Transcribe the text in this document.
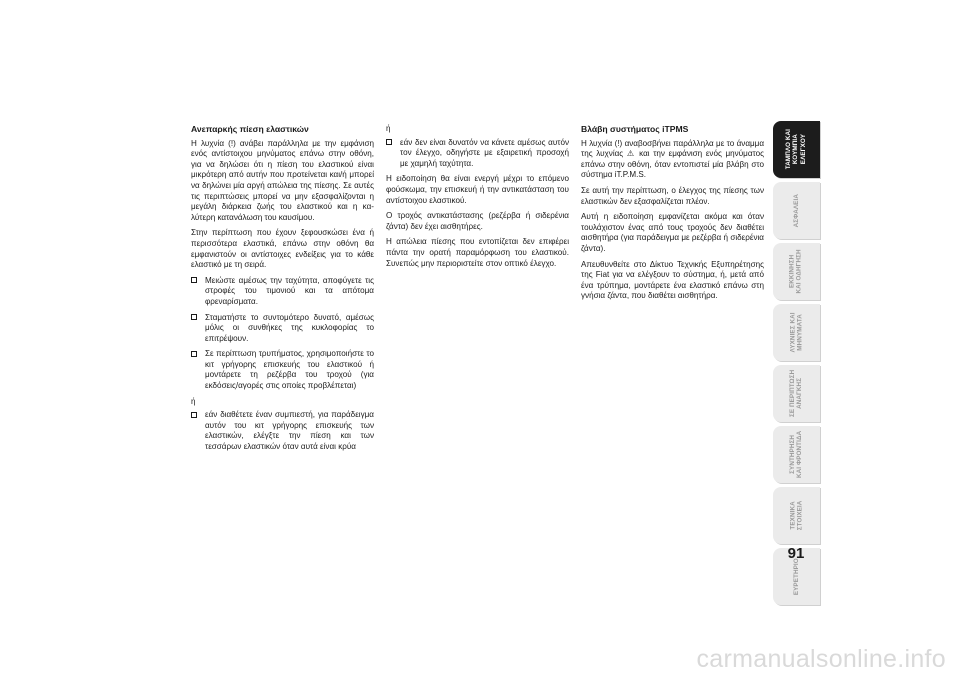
Ανεπαρκής πίεση ελαστικών

Η λυχνία (!) ανάβει παράλληλα με την εμφάνιση ενός αντίστοιχου μηνύματος επάνω στην οθόνη, για να δηλώσει ότι η πίεση του ελαστικού είναι μικρότερη από αυτήν που προτείνεται και/ή μπορεί να δηλώνει μία αργή απώλεια της πίεσης. Σε αυτές τις περιπτώσεις μπορεί να μην εξασφαλίζονται η μεγάλη διάρκεια ζωής του ελαστικού και η καλύτερη κατανάλωση του καυσίμου.

Στην περίπτωση που έχουν ξεφουσκώσει ένα ή περισσότερα ελαστικά, επάνω στην οθόνη θα εμφανιστούν οι αντίστοιχες ενδείξεις για το κάθε ελαστικό με τη σειρά.

Μειώστε αμέσως την ταχύτητα, αποφύγετε τις στροφές του τιμονιού και τα απότομα φρεναρίσματα.
Σταματήστε το συντομότερο δυνατό, αμέσως μόλις οι συνθήκες της κυκλοφορίας το επιτρέψουν.
Σε περίπτωση τρυπήματος, χρησιμοποιήστε το κιτ γρήγορης επισκευής του ελαστικού ή μοντάρετε τη ρεζέρβα του τροχού (για εκδόσεις/αγορές στις οποίες προβλέπεται)

ή

εάν διαθέτετε έναν συμπιεστή, για παράδειγμα αυτόν του κιτ γρήγορης επισκευής των ελαστικών, ελέγξτε την πίεση και των τεσσάρων ελαστικών όταν αυτά είναι κρύα

ή

εάν δεν είναι δυνατόν να κάνετε αμέσως αυτόν τον έλεγχο, οδηγήστε με εξαιρετική προσοχή με χαμηλή ταχύτητα.

Η ειδοποίηση θα είναι ενεργή μέχρι το επόμενο φούσκωμα, την επισκευή ή την αντικατάσταση του αντίστοιχου ελαστικού.

Ο τροχός αντικατάστασης (ρεζέρβα ή σιδερένια ζάντα) δεν έχει αισθητήρες.

Η απώλεια πίεσης που εντοπίζεται δεν επιφέρει πάντα την ορατή παραμόρφωση του ελαστικού. Συνεπώς μην περιοριστείτε στον οπτικό έλεγχο.

Βλάβη συστήματος iTPMS

Η λυχνία (!) αναβοσβήνει παράλληλα με το άναμμα της λυχνίας ⚠ και την εμφάνιση ενός μηνύματος επάνω στην οθόνη, όταν εντοπιστεί μία βλάβη στο σύστημα iT.P.M.S.

Σε αυτή την περίπτωση, ο έλεγχος της πίεσης των ελαστικών δεν εξασφαλίζεται πλέον.

Αυτή η ειδοποίηση εμφανίζεται ακόμα και όταν τουλάχιστον ένας από τους τροχούς δεν διαθέτει αισθητήρα (για παράδειγμα με ρεζέρβα ή σιδερένια ζάντα).

Απευθυνθείτε στο Δίκτυο Τεχνικής Εξυπηρέτησης της Fiat για να ελέγξουν το σύστημα, ή, μετά από ένα τρύπημα, μοντάρετε ένα ελαστικό επάνω στη γνήσια ζάντα, που διαθέτει αισθητήρα.

ΤΑΜΠΛΟ ΚΑΙ
ΚΟΥΜΠΙΑ
ΕΛΕΓΧΟΥ
ΑΣΦΑΛΕΙΑ
ΕΚΚΙΝΗΣΗ
ΚΑΙ ΟΔΗΓΗΣΗ
ΛΥΧΝΙΕΣ ΚΑΙ
ΜΗΝΥΜΑΤΑ
ΣΕ ΠΕΡΙΠΤΩΣΗ
ΑΝΑΓΚΗΣ
ΣΥΝΤΗΡΗΣΗ
ΚΑΙ ΦΡΟΝΤΙΔΑ
ΤΕΧΝΙΚΑ
ΣΤΟΙΧΕΙΑ
ΕΥΡΕΤΗΡΙΟ
91
carmanualsonline.info
